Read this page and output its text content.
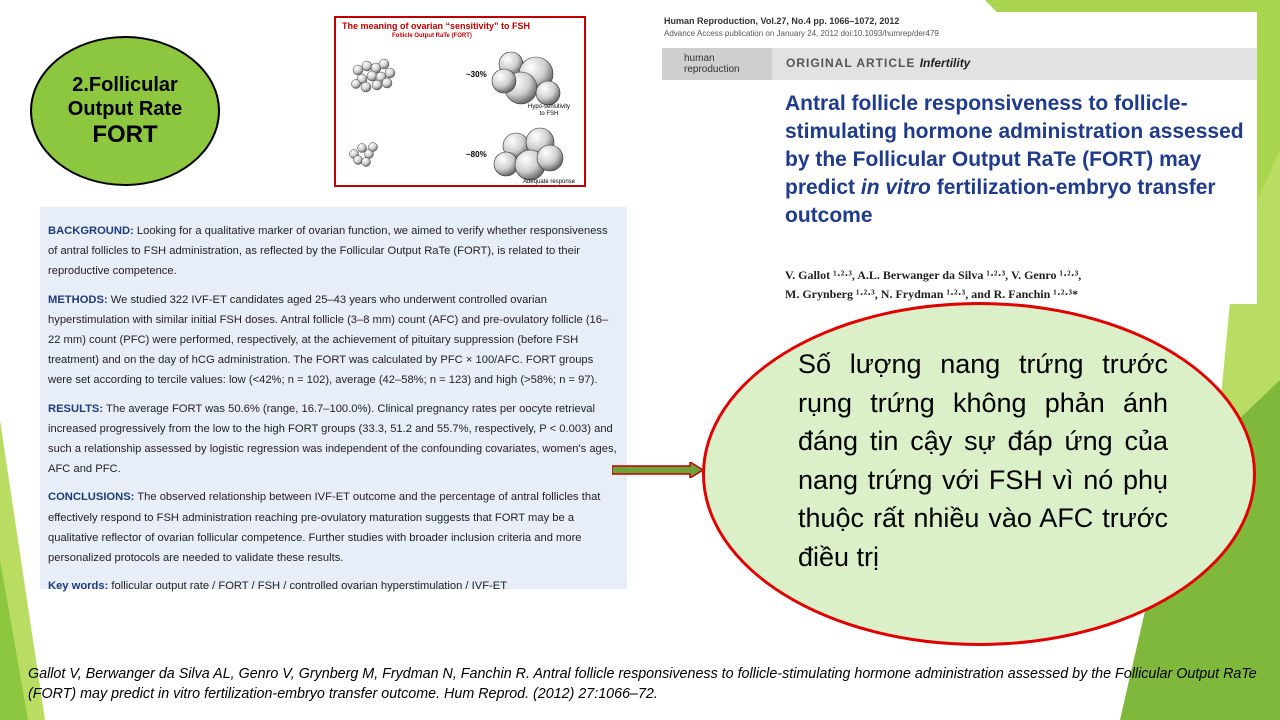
2.Follicular
Output Rate
FORT
The meaning of ovarian “sensitivity” to FSH
Follicle Output RaTe (FORT)
~30%
Hypo-sensitivity
to FSH
~80%
Adequate response
Human Reproduction, Vol.27, No.4 pp. 1066–1072, 2012
Advance Access publication on January 24, 2012 doi:10.1093/humrep/der479
human
reproduction	ORIGINAL ARTICLE Infertility
Antral follicle responsiveness to follicle-stimulating hormone administration assessed by the Follicular Output RaTe (FORT) may predict in vitro fertilization-embryo transfer outcome
V. Gallot ¹·²·³, A.L. Berwanger da Silva ¹·²·³, V. Genro ¹·²·³,
M. Grynberg ¹·²·³, N. Frydman ¹·²·³, and R. Fanchin ¹·²·³*

BACKGROUND: Looking for a qualitative marker of ovarian function, we aimed to verify whether responsiveness of antral follicles to FSH administration, as reflected by the Follicular Output RaTe (FORT), is related to their reproductive competence.

METHODS: We studied 322 IVF-ET candidates aged 25–43 years who underwent controlled ovarian hyperstimulation with similar initial FSH doses. Antral follicle (3–8 mm) count (AFC) and pre-ovulatory follicle (16–22 mm) count (PFC) were performed, respectively, at the achievement of pituitary suppression (before FSH treatment) and on the day of hCG administration. The FORT was calculated by PFC × 100/AFC. FORT groups were set according to tercile values: low (<42%; n = 102), average (42–58%; n = 123) and high (>58%; n = 97).

RESULTS: The average FORT was 50.6% (range, 16.7–100.0%). Clinical pregnancy rates per oocyte retrieval increased progressively from the low to the high FORT groups (33.3, 51.2 and 55.7%, respectively, P < 0.003) and such a relationship assessed by logistic regression was independent of the confounding covariates, women's ages, AFC and PFC.

CONCLUSIONS: The observed relationship between IVF-ET outcome and the percentage of antral follicles that effectively respond to FSH administration reaching pre-ovulatory maturation suggests that FORT may be a qualitative reflector of ovarian follicular competence. Further studies with broader inclusion criteria and more personalized protocols are needed to validate these results.

Key words: follicular output rate / FORT / FSH / controlled ovarian hyperstimulation / IVF-ET

Số lượng nang trứng trước rụng trứng không phản ánh đáng tin cậy sự đáp ứng của nang trứng với FSH vì nó phụ thuộc rất nhiều vào AFC trước điều trị
Gallot V, Berwanger da Silva AL, Genro V, Grynberg M, Frydman N, Fanchin R. Antral follicle responsiveness to follicle-stimulating hormone administration assessed by the Follicular Output RaTe (FORT) may predict in vitro fertilization-embryo transfer outcome. Hum Reprod. (2012) 27:1066–72.
